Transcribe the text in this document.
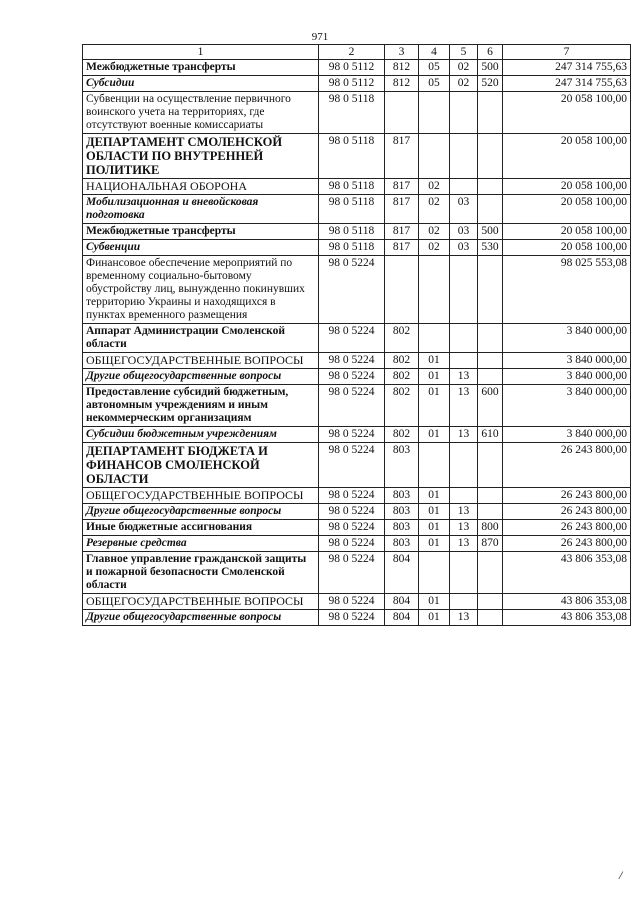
971
1	2	3	4	5	6	7
Межбюджетные трансферты	98 0 5112	812	05	02	500	247 314 755,63
Субсидии	98 0 5112	812	05	02	520	247 314 755,63
Субвенции на осуществление первичного воинского учета на территориях, где отсутствуют военные комиссариаты	98 0 5118					20 058 100,00
ДЕПАРТАМЕНТ СМОЛЕНСКОЙ ОБЛАСТИ ПО ВНУТРЕННЕЙ ПОЛИТИКЕ	98 0 5118	817				20 058 100,00
НАЦИОНАЛЬНАЯ ОБОРОНА	98 0 5118	817	02			20 058 100,00
Мобилизационная и вневойсковая подготовка	98 0 5118	817	02	03		20 058 100,00
Межбюджетные трансферты	98 0 5118	817	02	03	500	20 058 100,00
Субвенции	98 0 5118	817	02	03	530	20 058 100,00
Финансовое обеспечение мероприятий по временному социально-бытовому обустройству лиц, вынужденно покинувших территорию Украины и находящихся в пунктах временного размещения	98 0 5224					98 025 553,08
Аппарат Администрации Смоленской области	98 0 5224	802				3 840 000,00
ОБЩЕГОСУДАРСТВЕННЫЕ ВОПРОСЫ	98 0 5224	802	01			3 840 000,00
Другие общегосударственные вопросы	98 0 5224	802	01	13		3 840 000,00
Предоставление субсидий бюджетным, автономным учреждениям и иным некоммерческим организациям	98 0 5224	802	01	13	600	3 840 000,00
Субсидии бюджетным учреждениям	98 0 5224	802	01	13	610	3 840 000,00
ДЕПАРТАМЕНТ БЮДЖЕТА И ФИНАНСОВ СМОЛЕНСКОЙ ОБЛАСТИ	98 0 5224	803				26 243 800,00
ОБЩЕГОСУДАРСТВЕННЫЕ ВОПРОСЫ	98 0 5224	803	01			26 243 800,00
Другие общегосударственные вопросы	98 0 5224	803	01	13		26 243 800,00
Иные бюджетные ассигнования	98 0 5224	803	01	13	800	26 243 800,00
Резервные средства	98 0 5224	803	01	13	870	26 243 800,00
Главное управление гражданской защиты и пожарной безопасности Смоленской области	98 0 5224	804				43 806 353,08
ОБЩЕГОСУДАРСТВЕННЫЕ ВОПРОСЫ	98 0 5224	804	01			43 806 353,08
Другие общегосударственные вопросы	98 0 5224	804	01	13		43 806 353,08
/
